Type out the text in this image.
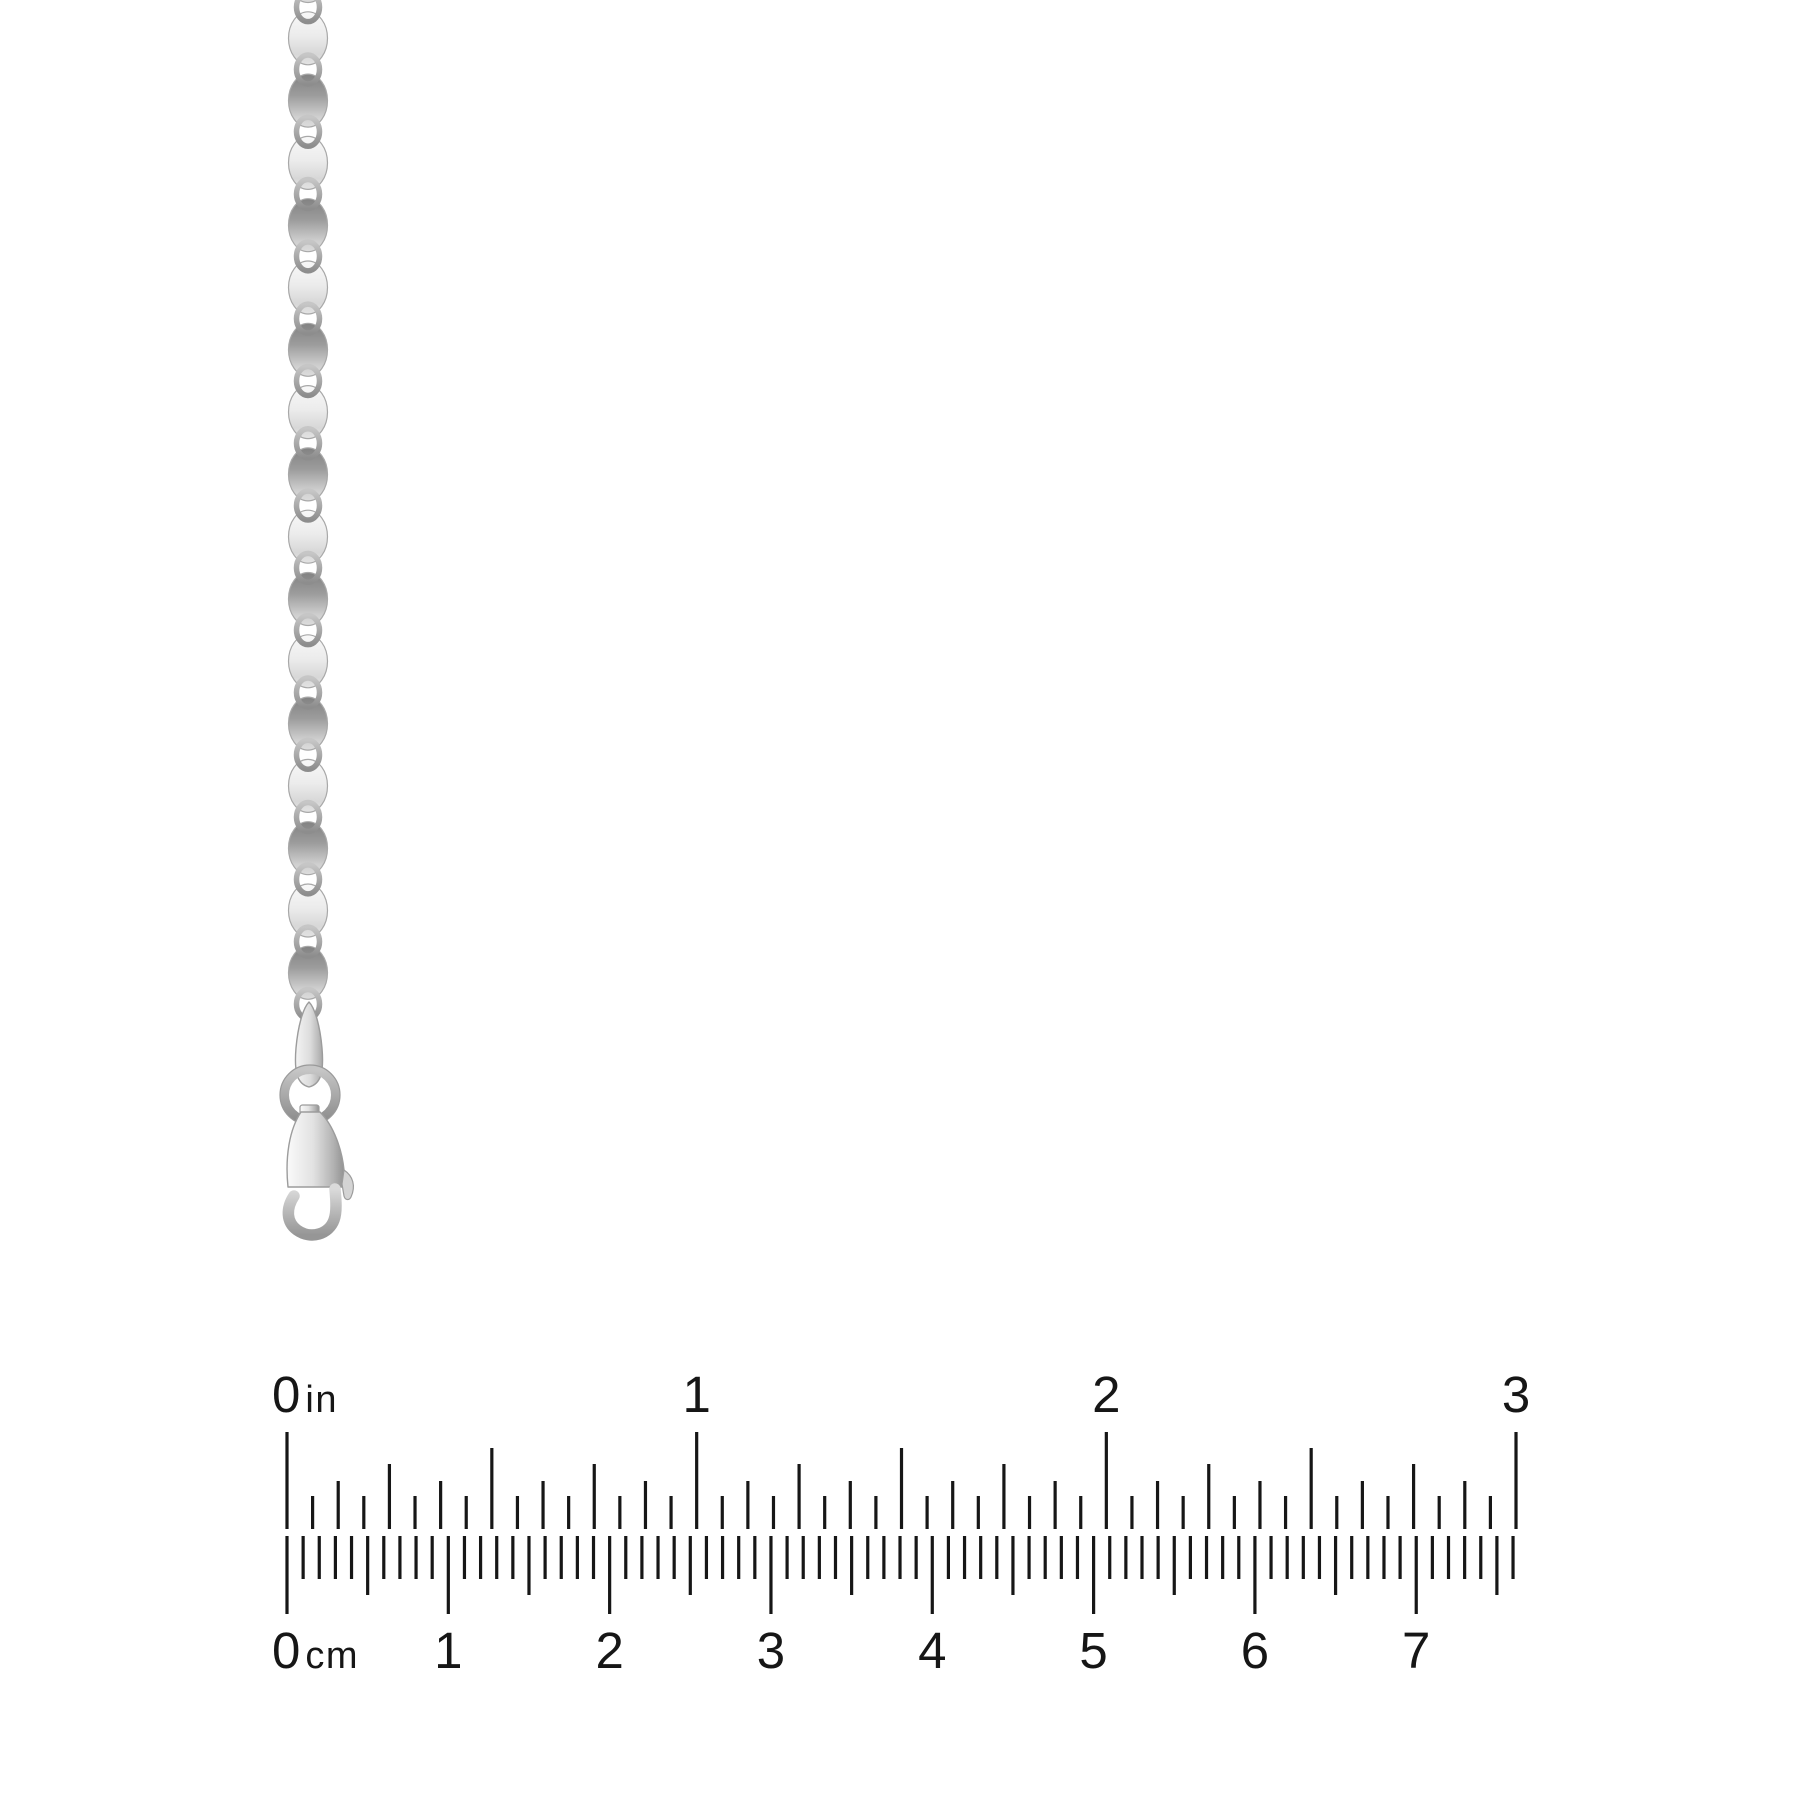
0 in	1	2	3
0 cm 1	2	3	4	5	6	7
